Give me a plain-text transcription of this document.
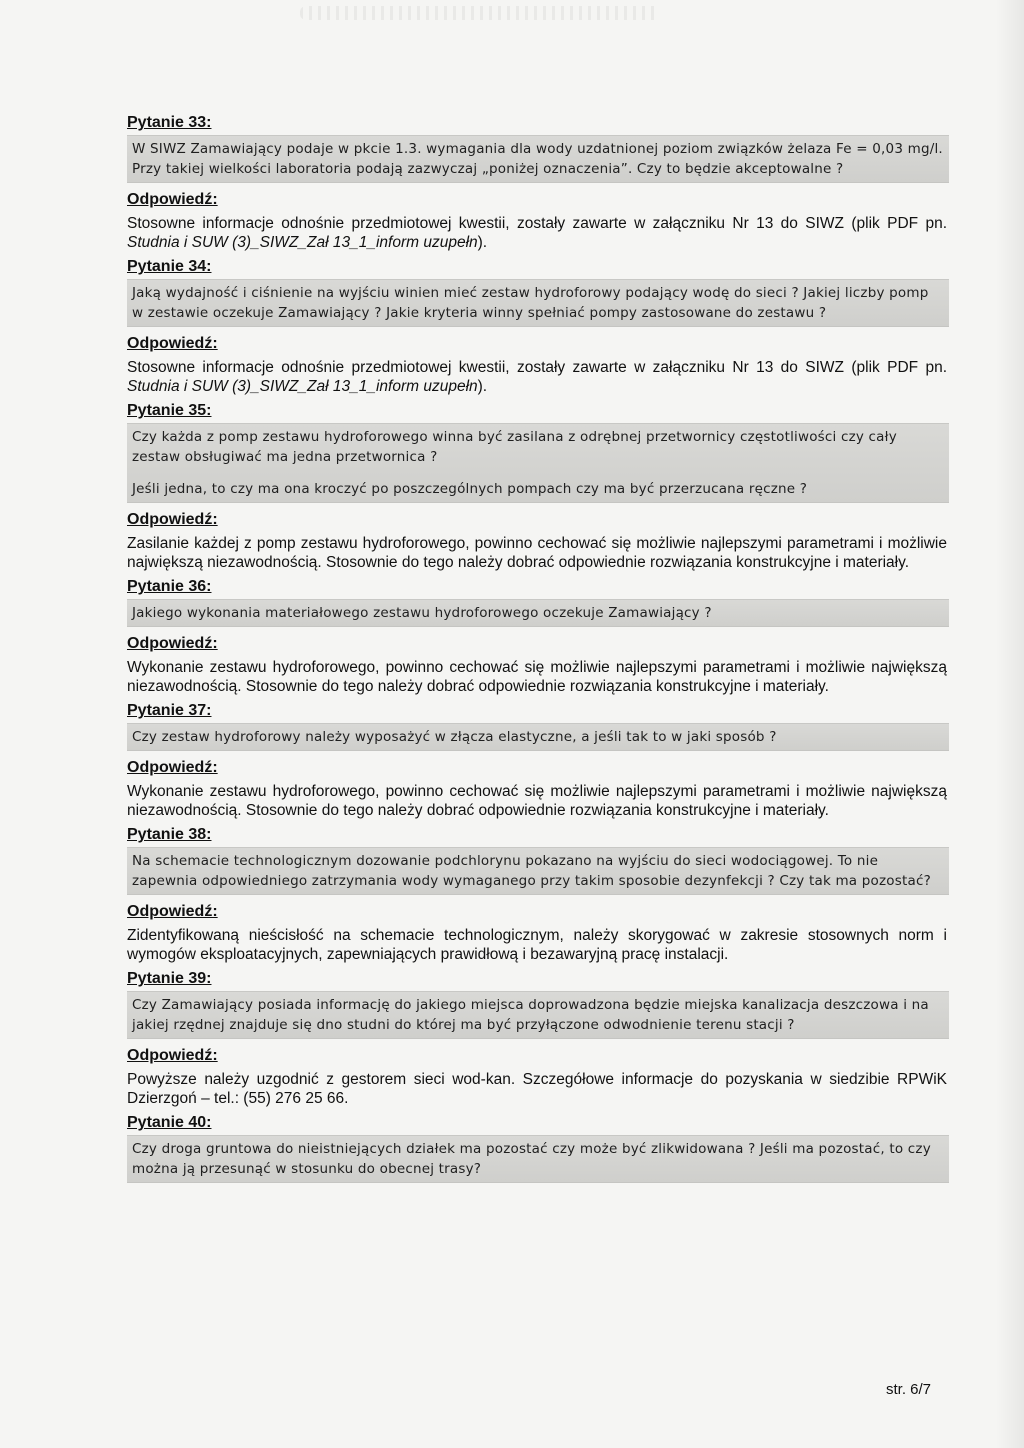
Pytanie 33:

W SIWZ Zamawiający podaje w pkcie 1.3. wymagania dla wody uzdatnionej poziom związków żelaza Fe = 0,03 mg/l. Przy takiej wielkości laboratoria podają zazwyczaj „poniżej oznaczenia”. Czy to będzie akceptowalne ?

Odpowiedź:

Stosowne informacje odnośnie przedmiotowej kwestii, zostały zawarte w załączniku Nr 13 do SIWZ (plik PDF pn. Studnia i SUW (3)_SIWZ_Zał 13_1_inform uzupełn).

Pytanie 34:

Jaką wydajność i ciśnienie na wyjściu winien mieć zestaw hydroforowy podający wodę do sieci ? Jakiej liczby pomp w zestawie oczekuje Zamawiający ? Jakie kryteria winny spełniać pompy zastosowane do zestawu ?

Odpowiedź:

Stosowne informacje odnośnie przedmiotowej kwestii, zostały zawarte w załączniku Nr 13 do SIWZ (plik PDF pn. Studnia i SUW (3)_SIWZ_Zał 13_1_inform uzupełn).

Pytanie 35:

Czy każda z pomp zestawu hydroforowego winna być zasilana z odrębnej przetwornicy częstotliwości czy cały zestaw obsługiwać ma jedna przetwornica ?

Jeśli jedna, to czy ma ona kroczyć po poszczególnych pompach czy ma być przerzucana ręczne ?

Odpowiedź:

Zasilanie każdej z pomp zestawu hydroforowego, powinno cechować się możliwie najlepszymi parametrami i możliwie największą niezawodnością. Stosownie do tego należy dobrać odpowiednie rozwiązania konstrukcyjne i materiały.

Pytanie 36:

Jakiego wykonania materiałowego zestawu hydroforowego oczekuje Zamawiający ?

Odpowiedź:

Wykonanie zestawu hydroforowego, powinno cechować się możliwie najlepszymi parametrami i możliwie największą niezawodnością. Stosownie do tego należy dobrać odpowiednie rozwiązania konstrukcyjne i materiały.

Pytanie 37:

Czy zestaw hydroforowy należy wyposażyć w złącza elastyczne, a jeśli tak to w jaki sposób ?

Odpowiedź:

Wykonanie zestawu hydroforowego, powinno cechować się możliwie najlepszymi parametrami i możliwie największą niezawodnością. Stosownie do tego należy dobrać odpowiednie rozwiązania konstrukcyjne i materiały.

Pytanie 38:

Na schemacie technologicznym dozowanie podchlorynu pokazano na wyjściu do sieci wodociągowej. To nie zapewnia odpowiedniego zatrzymania wody wymaganego przy takim sposobie dezynfekcji ? Czy tak ma pozostać?

Odpowiedź:

Zidentyfikowaną nieścisłość na schemacie technologicznym, należy skorygować w zakresie stosownych norm i wymogów eksploatacyjnych, zapewniających prawidłową i bezawaryjną pracę instalacji.

Pytanie 39:

Czy Zamawiający posiada informację do jakiego miejsca doprowadzona będzie miejska kanalizacja deszczowa i na jakiej rzędnej znajduje się dno studni do której ma być przyłączone odwodnienie terenu stacji ?

Odpowiedź:

Powyższe należy uzgodnić z gestorem sieci wod-kan. Szczegółowe informacje do pozyskania w siedzibie RPWiK Dzierzgoń – tel.: (55) 276 25 66.

Pytanie 40:

Czy droga gruntowa do nieistniejących działek ma pozostać czy może być zlikwidowana ? Jeśli ma pozostać, to czy można ją przesunąć w stosunku do obecnej trasy?

str. 6/7
